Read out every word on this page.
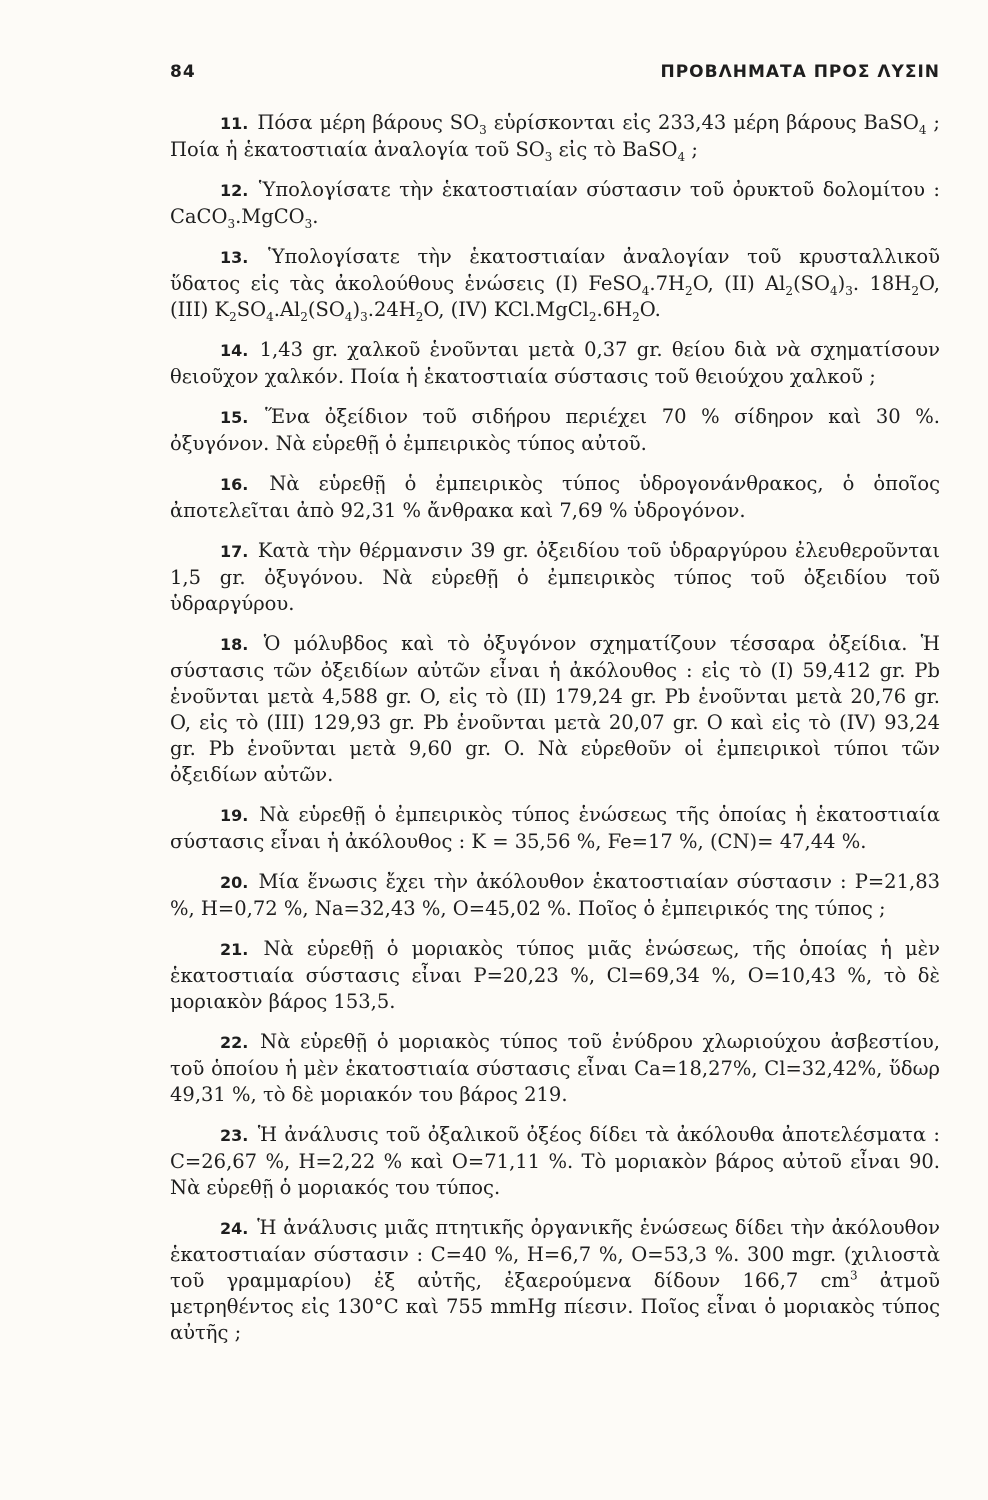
84	ΠΡΟΒΛΗΜΑΤΑ ΠΡΟΣ ΛΥΣΙΝ

11. Πόσα μέρη βάρους $SO_3$ εὑρίσκονται εἰς 233,43 μέρη βάρους BaSO$_4$ ; Ποία ἡ ἑκατοστιαία ἀναλογία τοῦ $SO_3$ εἰς τὸ BaSO$_4$ ;

12. Ὑπολογίσατε τὴν ἑκατοστιαίαν σύστασιν τοῦ ὀρυκτοῦ δολομίτου : CaCO$_3$.MgCO$_3$.

13. Ὑπολογίσατε τὴν ἑκατοστιαίαν ἀναλογίαν τοῦ κρυσταλλικοῦ ὕδατος εἰς τὰς ἀκολούθους ἑνώσεις (Ι) $FeSO_4.7H_2O$, (ΙΙ) $Al_2(SO_4)_3$. $18H_2O$, (ΙΙΙ) $K_2SO_4.Al_2(SO_4)_3.24H_2O$, (IV) $KCl.MgCl_2.6H_2O$.

14. 1,43 gr. χαλκοῦ ἑνοῦνται μετὰ 0,37 gr. θείου διὰ νὰ σχηματίσουν θειοῦχον χαλκόν. Ποία ἡ ἑκατοστιαία σύστασις τοῦ θειούχου χαλκοῦ ;

15. Ἕνα ὀξείδιον τοῦ σιδήρου περιέχει 70 % σίδηρον καὶ 30 %. ὀξυγόνον. Νὰ εὑρεθῇ ὁ ἐμπειρικὸς τύπος αὐτοῦ.

16. Νὰ εὑρεθῇ ὁ ἐμπειρικὸς τύπος ὑδρογονάνθρακος, ὁ ὁποῖος ἀποτελεῖται ἀπὸ 92,31 % ἄνθρακα καὶ 7,69 % ὑδρογόνον.

17. Κατὰ τὴν θέρμανσιν 39 gr. ὀξειδίου τοῦ ὑδραργύρου ἐλευθεροῦνται 1,5 gr. ὀξυγόνου. Νὰ εὑρεθῇ ὁ ἐμπειρικὸς τύπος τοῦ ὀξειδίου τοῦ ὑδραργύρου.

18. Ὁ μόλυβδος καὶ τὸ ὀξυγόνον σχηματίζουν τέσσαρα ὀξείδια. Ἡ σύστασις τῶν ὀξειδίων αὐτῶν εἶναι ἡ ἀκόλουθος : εἰς τὸ (Ι) 59,412 gr. Pb ἑνοῦνται μετὰ 4,588 gr. O, εἰς τὸ (ΙΙ) 179,24 gr. Pb ἑνοῦνται μετὰ 20,76 gr. O, εἰς τὸ (ΙΙΙ) 129,93 gr. Pb ἑνοῦνται μετὰ 20,07 gr. O καὶ εἰς τὸ (IV) 93,24 gr. Pb ἑνοῦνται μετὰ 9,60 gr. O. Νὰ εὑρεθοῦν οἱ ἐμπειρικοὶ τύποι τῶν ὀξειδίων αὐτῶν.

19. Νὰ εὑρεθῇ ὁ ἐμπειρικὸς τύπος ἑνώσεως τῆς ὁποίας ἡ ἑκατοστιαία σύστασις εἶναι ἡ ἀκόλουθος : K = 35,56 %, Fe=17 %, (CN)= 47,44 %.

20. Μία ἕνωσις ἔχει τὴν ἀκόλουθον ἑκατοστιαίαν σύστασιν : P=21,83 %, H=0,72 %, Na=32,43 %, O=45,02 %. Ποῖος ὁ ἐμπειρικός της τύπος ;

21. Νὰ εὑρεθῇ ὁ μοριακὸς τύπος μιᾶς ἑνώσεως, τῆς ὁποίας ἡ μὲν ἑκατοστιαία σύστασις εἶναι P=20,23 %, Cl=69,34 %, O=10,43 %, τὸ δὲ μοριακὸν βάρος 153,5.

22. Νὰ εὑρεθῇ ὁ μοριακὸς τύπος τοῦ ἐνύδρου χλωριούχου ἀσβεστίου, τοῦ ὁποίου ἡ μὲν ἑκατοστιαία σύστασις εἶναι Ca=18,27%, Cl=32,42%, ὕδωρ 49,31 %, τὸ δὲ μοριακόν του βάρος 219.

23. Ἡ ἀνάλυσις τοῦ ὀξαλικοῦ ὀξέος δίδει τὰ ἀκόλουθα ἀποτελέσματα : C=26,67 %, H=2,22 % καὶ O=71,11 %. Τὸ μοριακὸν βάρος αὐτοῦ εἶναι 90. Νὰ εὑρεθῇ ὁ μοριακός του τύπος.

24. Ἡ ἀνάλυσις μιᾶς πτητικῆς ὀργανικῆς ἑνώσεως δίδει τὴν ἀκόλουθον ἑκατοστιαίαν σύστασιν : C=40 %, H=6,7 %, O=53,3 %. 300 mgr. (χιλιοστὰ τοῦ γραμμαρίου) ἐξ αὐτῆς, ἐξαερούμενα δίδουν 166,7 $cm^3$ ἀτμοῦ μετρηθέντος εἰς 130°C καὶ 755 mmHg πίεσιν. Ποῖος εἶναι ὁ μοριακὸς τύπος αὐτῆς ;
